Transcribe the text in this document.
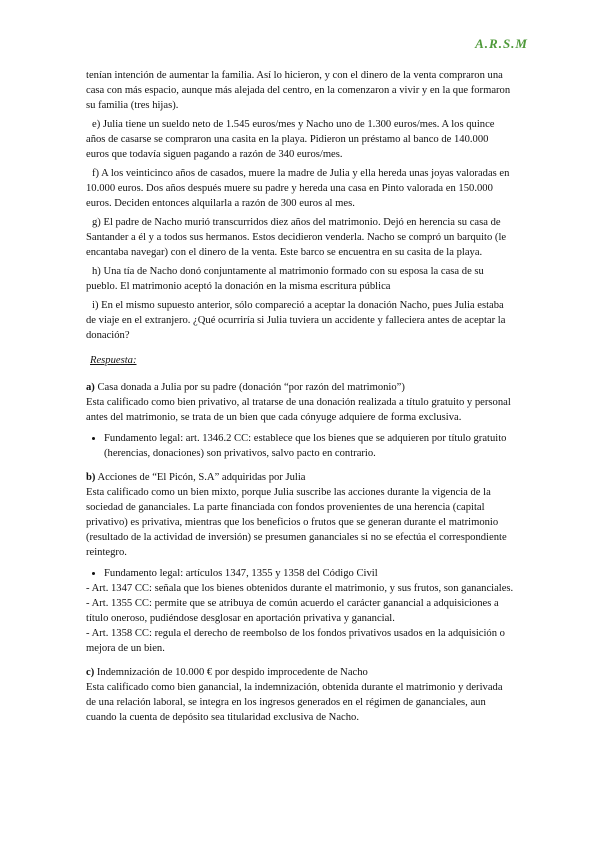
A.R.S.M

tenían intención de aumentar la familia. Así lo hicieron, y con el dinero de la venta compraron una casa con más espacio, aunque más alejada del centro, en la comenzaron a vivir y en la que formaron su familia (tres hijas).

e) Julia tiene un sueldo neto de 1.545 euros/mes y Nacho uno de 1.300 euros/mes. A los quince años de casarse se compraron una casita en la playa. Pidieron un préstamo al banco de 140.000 euros que todavía siguen pagando a razón de 340 euros/mes.

f) A los veinticinco años de casados, muere la madre de Julia y ella hereda unas joyas valoradas en 10.000 euros. Dos años después muere su padre y hereda una casa en Pinto valorada en 150.000 euros. Deciden entonces alquilarla a razón de 300 euros al mes.

g) El padre de Nacho murió transcurridos diez años del matrimonio. Dejó en herencia su casa de Santander a él y a todos sus hermanos. Estos decidieron venderla. Nacho se compró un barquito (le encantaba navegar) con el dinero de la venta. Este barco se encuentra en su casita de la playa.

h) Una tía de Nacho donó conjuntamente al matrimonio formado con su esposa la casa de su pueblo. El matrimonio aceptó la donación en la misma escritura pública

i) En el mismo supuesto anterior, sólo compareció a aceptar la donación Nacho, pues Julia estaba de viaje en el extranjero. ¿Qué ocurriría si Julia tuviera un accidente y falleciera antes de aceptar la donación?

Respuesta:

a) Casa donada a Julia por su padre (donación “por razón del matrimonio”)

Esta calificado como bien privativo, al tratarse de una donación realizada a título gratuito y personal antes del matrimonio, se trata de un bien que cada cónyuge adquiere de forma exclusiva.

• Fundamento legal: art. 1346.2 CC: establece que los bienes que se adquieren por título gratuito (herencias, donaciones) son privativos, salvo pacto en contrario.

b) Acciones de “El Picón, S.A” adquiridas por Julia

Esta calificado como un bien mixto, porque Julia suscribe las acciones durante la vigencia de la sociedad de gananciales. La parte financiada con fondos provenientes de una herencia (capital privativo) es privativa, mientras que los beneficios o frutos que se generan durante el matrimonio (resultado de la actividad de inversión) se presumen gananciales si no se efectúa el correspondiente reintegro.

• Fundamento legal: artículos 1347, 1355 y 1358 del Código Civil

- Art. 1347 CC: señala que los bienes obtenidos durante el matrimonio, y sus frutos, son gananciales.

- Art. 1355 CC: permite que se atribuya de común acuerdo el carácter ganancial a adquisiciones a título oneroso, pudiéndose desglosar en aportación privativa y ganancial.

- Art. 1358 CC: regula el derecho de reembolso de los fondos privativos usados en la adquisición o mejora de un bien.

c) Indemnización de 10.000 € por despido improcedente de Nacho

Esta calificado como bien ganancial, la indemnización, obtenida durante el matrimonio y derivada de una relación laboral, se integra en los ingresos generados en el régimen de gananciales, aun cuando la cuenta de depósito sea titularidad exclusiva de Nacho.
